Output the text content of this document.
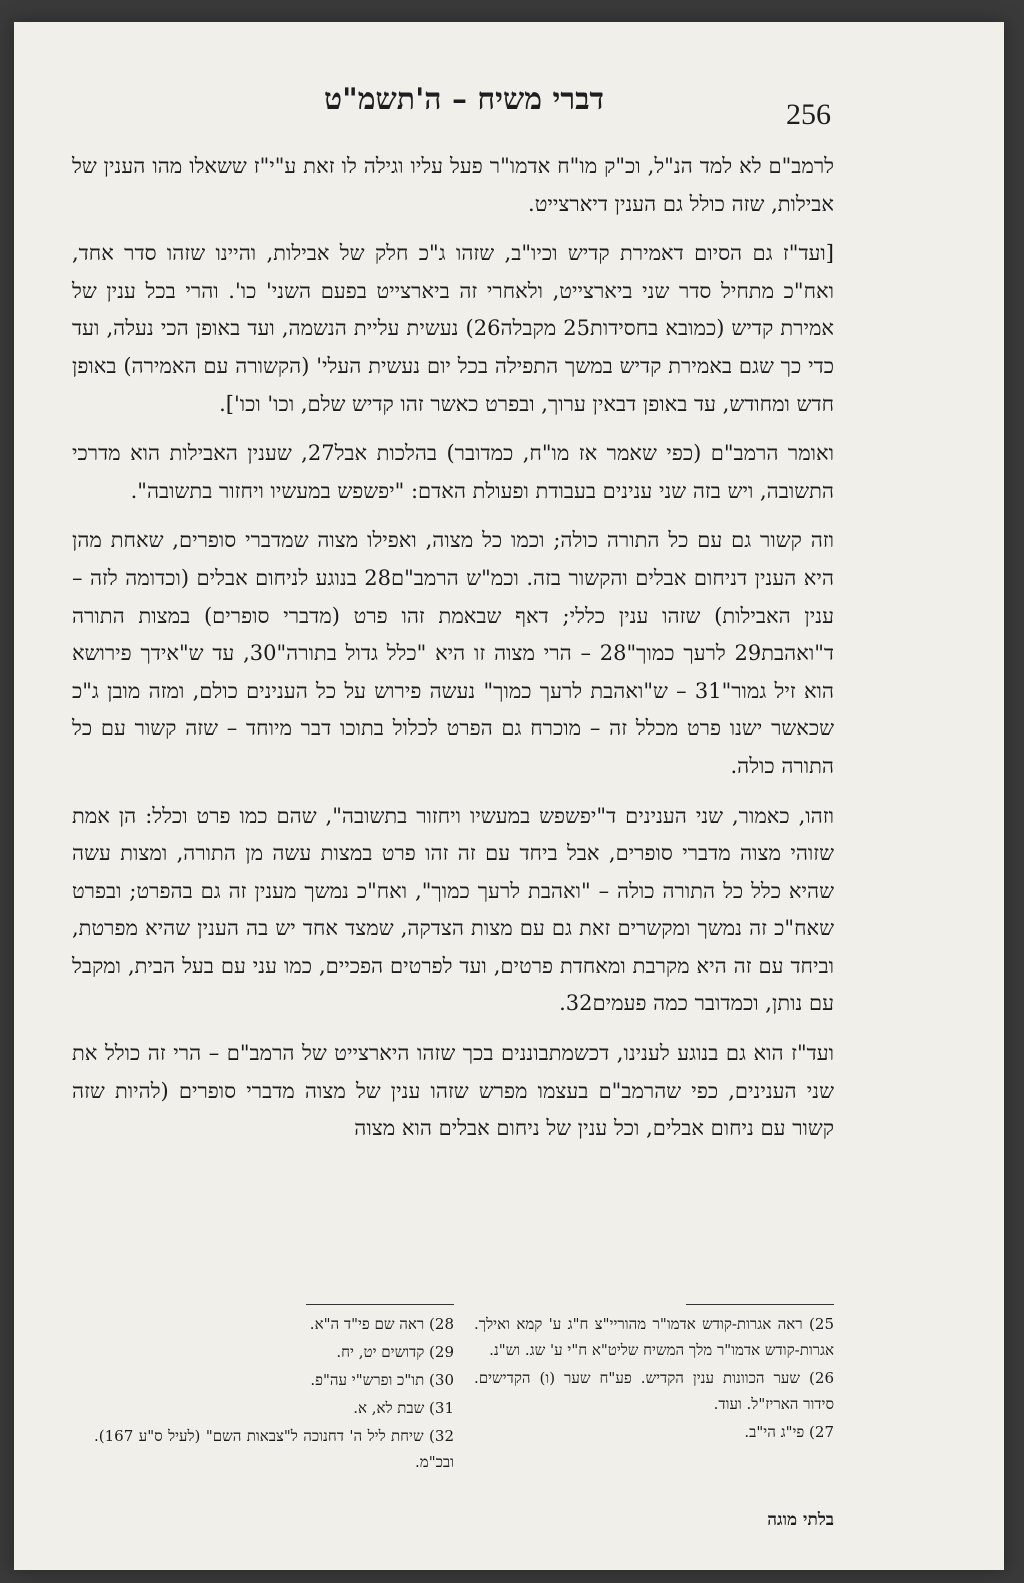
דברי משיח – ה'תשמ"ט	256

לרמב"ם לא למד הנ"ל, וכ"ק מו"ח אדמו"ר פעל עליו וגילה לו זאת ע"י"ז ששאלו מהו הענין של אבילות, שזה כולל גם הענין דיארצייט.

[ועד"ז גם הסיום דאמירת קדיש וכיו"ב, שזהו ג"כ חלק של אבילות, והיינו שזהו סדר אחד, ואח"כ מתחיל סדר שני ביארצייט, ולאחרי זה ביארצייט בפעם השני' כו'. והרי בכל ענין של אמירת קדיש (כמובא בחסידות25 מקבלה26) נעשית עליית הנשמה, ועד באופן הכי נעלה, ועד כדי כך שגם באמירת קדיש במשך התפילה בכל יום נעשית העלי' (הקשורה עם האמירה) באופן חדש ומחודש, עד באופן דבאין ערוך, ובפרט כאשר זהו קדיש שלם, וכו' וכו'].

ואומר הרמב"ם (כפי שאמר אז מו"ח, כמדובר) בהלכות אבל27, שענין האבילות הוא מדרכי התשובה, ויש בזה שני ענינים בעבודת ופעולת האדם: "יפשפש במעשיו ויחזור בתשובה".

וזה קשור גם עם כל התורה כולה; וכמו כל מצוה, ואפילו מצוה שמדברי סופרים, שאחת מהן היא הענין דניחום אבלים והקשור בזה. וכמ"ש הרמב"ם28 בנוגע לניחום אבלים (וכדומה לזה – ענין האבילות) שזהו ענין כללי; דאף שבאמת זהו פרט (מדברי סופרים) במצות התורה ד"ואהבת29 לרעך כמוך"28 – הרי מצוה זו היא "כלל גדול בתורה"30, עד ש"אידך פירושא הוא זיל גמור"31 – ש"ואהבת לרעך כמוך" נעשה פירוש על כל הענינים כולם, ומזה מובן ג"כ שכאשר ישנו פרט מכלל זה – מוכרח גם הפרט לכלול בתוכו דבר מיוחד – שזה קשור עם כל התורה כולה.

וזהו, כאמור, שני הענינים ד"יפשפש במעשיו ויחזור בתשובה", שהם כמו פרט וכלל: הן אמת שזוהי מצוה מדברי סופרים, אבל ביחד עם זה זהו פרט במצות עשה מן התורה, ומצות עשה שהיא כלל כל התורה כולה – "ואהבת לרעך כמוך", ואח"כ נמשך מענין זה גם בהפרט; ובפרט שאח"כ זה נמשך ומקשרים זאת גם עם מצות הצדקה, שמצד אחד יש בה הענין שהיא מפרטת, וביחד עם זה היא מקרבת ומאחדת פרטים, ועד לפרטים הפכיים, כמו עני עם בעל הבית, ומקבל עם נותן, וכמדובר כמה פעמים32.

ועד"ז הוא גם בנוגע לענינו, דכשמתבוננים בכך שזהו היארצייט של הרמב"ם – הרי זה כולל את שני הענינים, כפי שהרמב"ם בעצמו מפרש שזהו ענין של מצוה מדברי סופרים (להיות שזה קשור עם ניחום אבלים, וכל ענין של ניחום אבלים הוא מצוה

25) ראה אגרות-קודש אדמו"ר מהוריי"צ ח"ג ע' קמא ואילך. אגרות-קודש אדמו"ר מלך המשיח שליט"א ח"י ע' שג. וש"נ.

26) שער הכוונות ענין הקדיש. פע"ח שער (ו) הקדישים. סידור האריז"ל. ועוד.

27) פי"ג הי"ב.

28) ראה שם פי"ד ה"א.

29) קדושים יט, יח.

30) תו"כ ופרש"י עה"פ.

31) שבת לא, א.

32) שיחת ליל ה' דחנוכה ל"צבאות השם" (לעיל ס"ע 167). ובכ"מ.

בלתי מוגה
